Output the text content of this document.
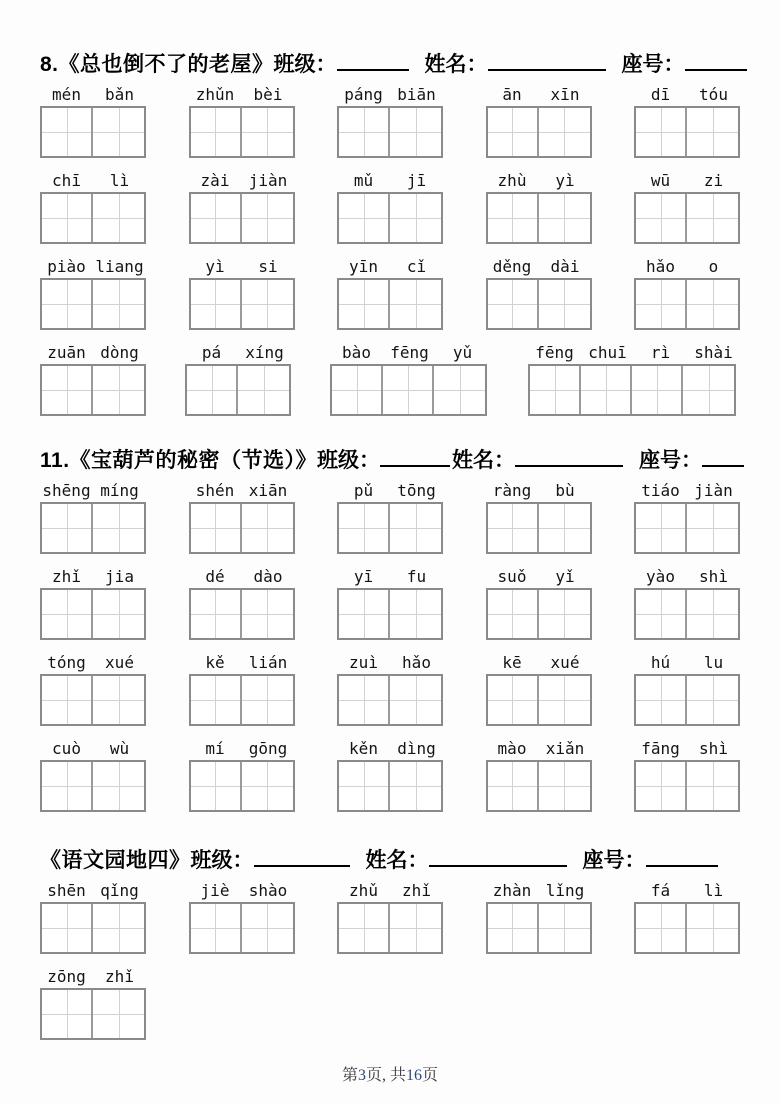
8.《总也倒不了的老屋》班级：	姓名：	座号：
mén	bǎn	zhǔn	bèi	páng biān	ān	xīn	dī	tóu
chī	lì	zài	jiàn	mǔ	jī	zhù	yì	wū	zi
piào liang	yì	si	yīn	cǐ	děng	dài	hǎo	o
zuān dòng	pá	xíng	bào	fēng	yǔ	fēng chuī	rì	shài
11.《宝葫芦的秘密（节选）》班级：	姓名：	座号：
shēng míng	shén xiān	pǔ	tōng	ràng	bù	tiáo jiàn
zhǐ	jia	dé	dào	yī	fu	suǒ	yǐ	yào	shì
tóng	xué	kě	lián	zuì	hǎo	kē	xué	hú	lu
cuò	wù	mí	gōng	kěn	dìng	mào	xiǎn	fāng	shì
《语文园地四》班级：	姓名：	座号：
shēn qǐng	jiè	shào	zhǔ	zhǐ	zhàn lǐng	fá	lì
zōng	zhǐ
第3页, 共16页
